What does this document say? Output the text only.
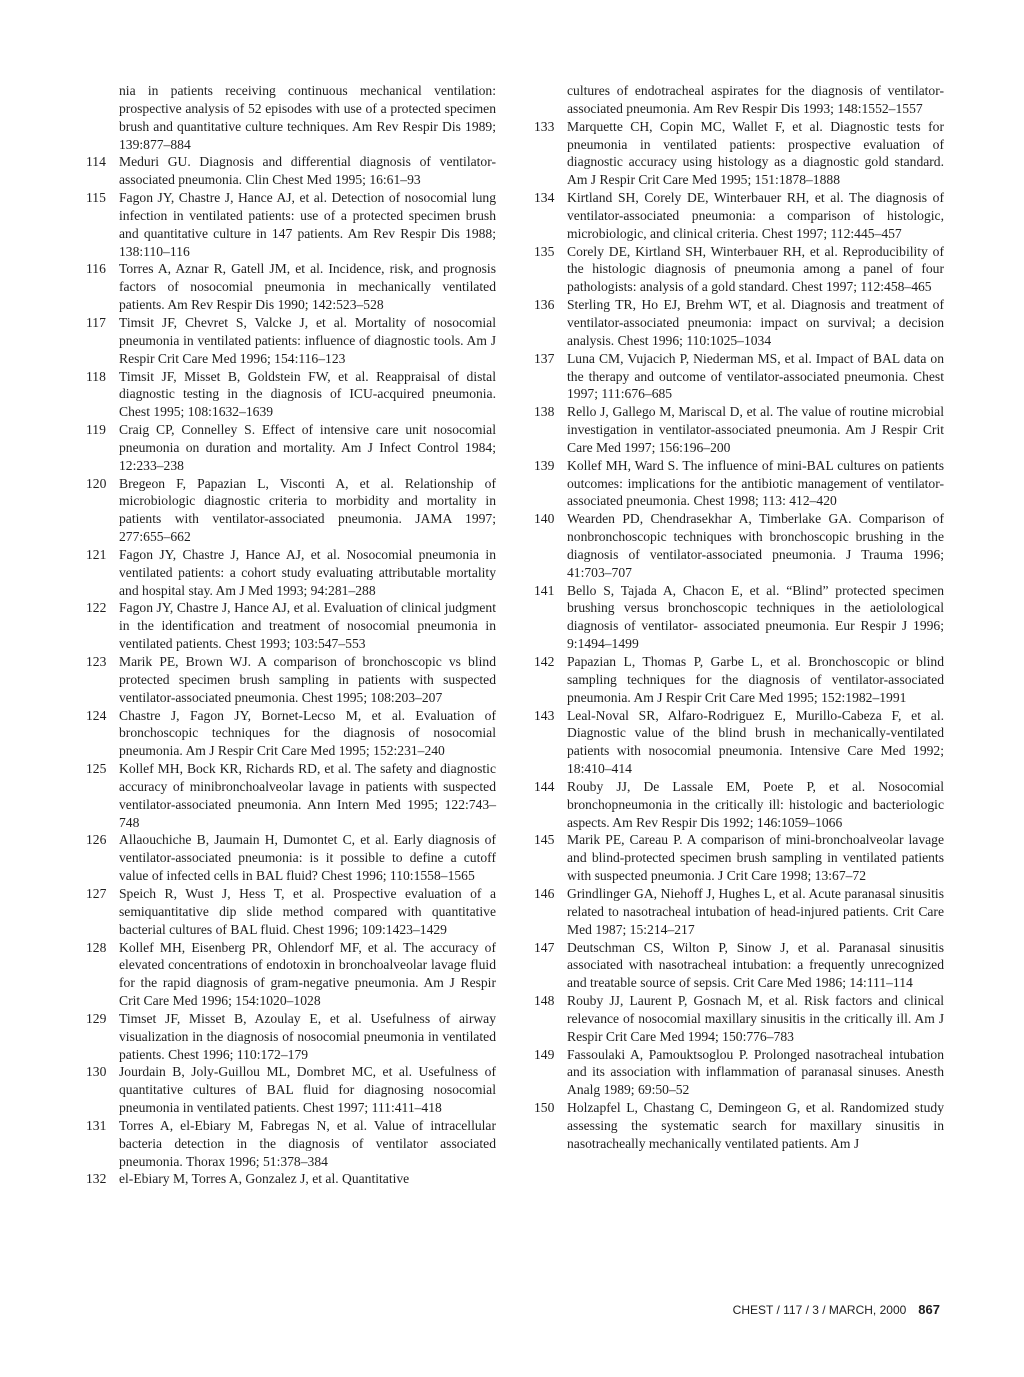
nia in patients receiving continuous mechanical ventilation: prospective analysis of 52 episodes with use of a protected specimen brush and quantitative culture techniques. Am Rev Respir Dis 1989; 139:877–884
114 Meduri GU. Diagnosis and differential diagnosis of ventilator-associated pneumonia. Clin Chest Med 1995; 16:61–93
115 Fagon JY, Chastre J, Hance AJ, et al. Detection of nosocomial lung infection in ventilated patients: use of a protected specimen brush and quantitative culture in 147 patients. Am Rev Respir Dis 1988; 138:110–116
116 Torres A, Aznar R, Gatell JM, et al. Incidence, risk, and prognosis factors of nosocomial pneumonia in mechanically ventilated patients. Am Rev Respir Dis 1990; 142:523–528
117 Timsit JF, Chevret S, Valcke J, et al. Mortality of nosocomial pneumonia in ventilated patients: influence of diagnostic tools. Am J Respir Crit Care Med 1996; 154:116–123
118 Timsit JF, Misset B, Goldstein FW, et al. Reappraisal of distal diagnostic testing in the diagnosis of ICU-acquired pneumonia. Chest 1995; 108:1632–1639
119 Craig CP, Connelley S. Effect of intensive care unit nosocomial pneumonia on duration and mortality. Am J Infect Control 1984; 12:233–238
120 Bregeon F, Papazian L, Visconti A, et al. Relationship of microbiologic diagnostic criteria to morbidity and mortality in patients with ventilator-associated pneumonia. JAMA 1997; 277:655–662
121 Fagon JY, Chastre J, Hance AJ, et al. Nosocomial pneumonia in ventilated patients: a cohort study evaluating attributable mortality and hospital stay. Am J Med 1993; 94:281–288
122 Fagon JY, Chastre J, Hance AJ, et al. Evaluation of clinical judgment in the identification and treatment of nosocomial pneumonia in ventilated patients. Chest 1993; 103:547–553
123 Marik PE, Brown WJ. A comparison of bronchoscopic vs blind protected specimen brush sampling in patients with suspected ventilator-associated pneumonia. Chest 1995; 108:203–207
124 Chastre J, Fagon JY, Bornet-Lecso M, et al. Evaluation of bronchoscopic techniques for the diagnosis of nosocomial pneumonia. Am J Respir Crit Care Med 1995; 152:231–240
125 Kollef MH, Bock KR, Richards RD, et al. The safety and diagnostic accuracy of minibronchoalveolar lavage in patients with suspected ventilator-associated pneumonia. Ann Intern Med 1995; 122:743–748
126 Allaouchiche B, Jaumain H, Dumontet C, et al. Early diagnosis of ventilator-associated pneumonia: is it possible to define a cutoff value of infected cells in BAL fluid? Chest 1996; 110:1558–1565
127 Speich R, Wust J, Hess T, et al. Prospective evaluation of a semiquantitative dip slide method compared with quantitative bacterial cultures of BAL fluid. Chest 1996; 109:1423–1429
128 Kollef MH, Eisenberg PR, Ohlendorf MF, et al. The accuracy of elevated concentrations of endotoxin in bronchoalveolar lavage fluid for the rapid diagnosis of gram-negative pneumonia. Am J Respir Crit Care Med 1996; 154:1020–1028
129 Timset JF, Misset B, Azoulay E, et al. Usefulness of airway visualization in the diagnosis of nosocomial pneumonia in ventilated patients. Chest 1996; 110:172–179
130 Jourdain B, Joly-Guillou ML, Dombret MC, et al. Usefulness of quantitative cultures of BAL fluid for diagnosing nosocomial pneumonia in ventilated patients. Chest 1997; 111:411–418
131 Torres A, el-Ebiary M, Fabregas N, et al. Value of intracellular bacteria detection in the diagnosis of ventilator associated pneumonia. Thorax 1996; 51:378–384
132 el-Ebiary M, Torres A, Gonzalez J, et al. Quantitative
cultures of endotracheal aspirates for the diagnosis of ventilator-associated pneumonia. Am Rev Respir Dis 1993; 148:1552–1557
133 Marquette CH, Copin MC, Wallet F, et al. Diagnostic tests for pneumonia in ventilated patients: prospective evaluation of diagnostic accuracy using histology as a diagnostic gold standard. Am J Respir Crit Care Med 1995; 151:1878–1888
134 Kirtland SH, Corely DE, Winterbauer RH, et al. The diagnosis of ventilator-associated pneumonia: a comparison of histologic, microbiologic, and clinical criteria. Chest 1997; 112:445–457
135 Corely DE, Kirtland SH, Winterbauer RH, et al. Reproducibility of the histologic diagnosis of pneumonia among a panel of four pathologists: analysis of a gold standard. Chest 1997; 112:458–465
136 Sterling TR, Ho EJ, Brehm WT, et al. Diagnosis and treatment of ventilator-associated pneumonia: impact on survival; a decision analysis. Chest 1996; 110:1025–1034
137 Luna CM, Vujacich P, Niederman MS, et al. Impact of BAL data on the therapy and outcome of ventilator-associated pneumonia. Chest 1997; 111:676–685
138 Rello J, Gallego M, Mariscal D, et al. The value of routine microbial investigation in ventilator-associated pneumonia. Am J Respir Crit Care Med 1997; 156:196–200
139 Kollef MH, Ward S. The influence of mini-BAL cultures on patients outcomes: implications for the antibiotic management of ventilator-associated pneumonia. Chest 1998; 113: 412–420
140 Wearden PD, Chendrasekhar A, Timberlake GA. Comparison of nonbronchoscopic techniques with bronchoscopic brushing in the diagnosis of ventilator-associated pneumonia. J Trauma 1996; 41:703–707
141 Bello S, Tajada A, Chacon E, et al. “Blind” protected specimen brushing versus bronchoscopic techniques in the aetiolological diagnosis of ventilator- associated pneumonia. Eur Respir J 1996; 9:1494–1499
142 Papazian L, Thomas P, Garbe L, et al. Bronchoscopic or blind sampling techniques for the diagnosis of ventilator-associated pneumonia. Am J Respir Crit Care Med 1995; 152:1982–1991
143 Leal-Noval SR, Alfaro-Rodriguez E, Murillo-Cabeza F, et al. Diagnostic value of the blind brush in mechanically-ventilated patients with nosocomial pneumonia. Intensive Care Med 1992; 18:410–414
144 Rouby JJ, De Lassale EM, Poete P, et al. Nosocomial bronchopneumonia in the critically ill: histologic and bacteriologic aspects. Am Rev Respir Dis 1992; 146:1059–1066
145 Marik PE, Careau P. A comparison of mini-bronchoalveolar lavage and blind-protected specimen brush sampling in ventilated patients with suspected pneumonia. J Crit Care 1998; 13:67–72
146 Grindlinger GA, Niehoff J, Hughes L, et al. Acute paranasal sinusitis related to nasotracheal intubation of head-injured patients. Crit Care Med 1987; 15:214–217
147 Deutschman CS, Wilton P, Sinow J, et al. Paranasal sinusitis associated with nasotracheal intubation: a frequently unrecognized and treatable source of sepsis. Crit Care Med 1986; 14:111–114
148 Rouby JJ, Laurent P, Gosnach M, et al. Risk factors and clinical relevance of nosocomial maxillary sinusitis in the critically ill. Am J Respir Crit Care Med 1994; 150:776–783
149 Fassoulaki A, Pamouktsoglou P. Prolonged nasotracheal intubation and its association with inflammation of paranasal sinuses. Anesth Analg 1989; 69:50–52
150 Holzapfel L, Chastang C, Demingeon G, et al. Randomized study assessing the systematic search for maxillary sinusitis in nasotracheally mechanically ventilated patients. Am J
CHEST / 117 / 3 / MARCH, 2000 867
